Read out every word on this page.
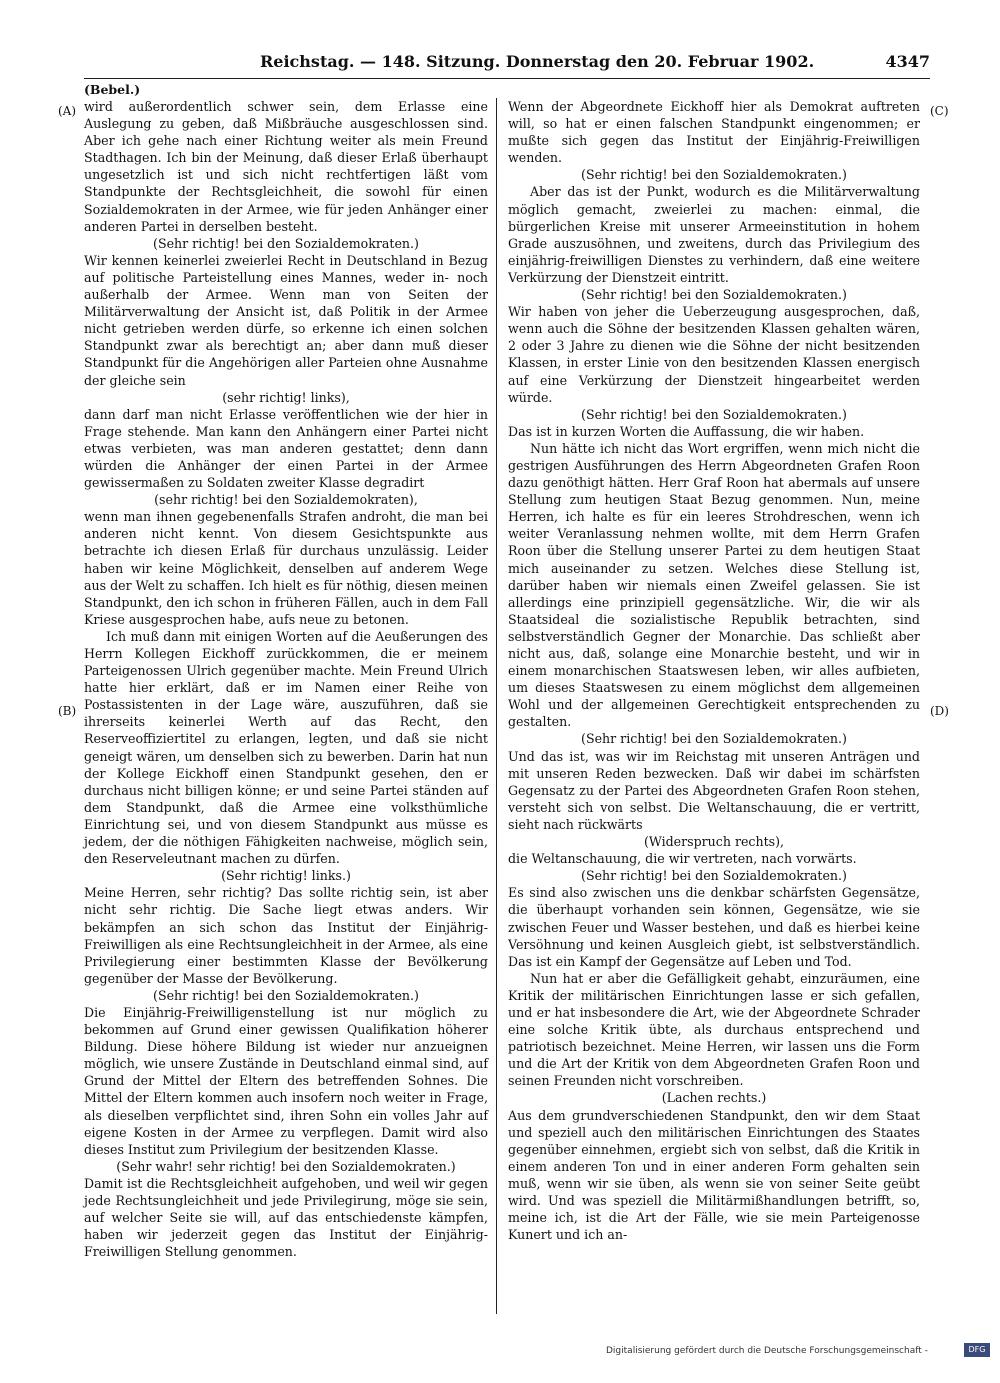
Reichstag. — 148. Sitzung. Donnerstag den 20. Februar 1902.	4347
(Bebel.)
(A)
(B)
(C)
(D)

wird außerordentlich schwer sein, dem Erlasse eine Auslegung zu geben, daß Mißbräuche ausgeschlossen sind. Aber ich gehe nach einer Richtung weiter als mein Freund Stadthagen. Ich bin der Meinung, daß dieser Erlaß überhaupt ungesetzlich ist und sich nicht rechtfertigen läßt vom Standpunkte der Rechtsgleichheit, die sowohl für einen Sozialdemokraten in der Armee, wie für jeden Anhänger einer anderen Partei in derselben besteht.

(Sehr richtig! bei den Sozialdemokraten.)

Wir kennen keinerlei zweierlei Recht in Deutschland in Bezug auf politische Parteistellung eines Mannes, weder in- noch außerhalb der Armee. Wenn man von Seiten der Militärverwaltung der Ansicht ist, daß Politik in der Armee nicht getrieben werden dürfe, so erkenne ich einen solchen Standpunkt zwar als berechtigt an; aber dann muß dieser Standpunkt für die Angehörigen aller Parteien ohne Ausnahme der gleiche sein

(sehr richtig! links),

dann darf man nicht Erlasse veröffentlichen wie der hier in Frage stehende. Man kann den Anhängern einer Partei nicht etwas verbieten, was man anderen gestattet; denn dann würden die Anhänger der einen Partei in der Armee gewissermaßen zu Soldaten zweiter Klasse degradirt

(sehr richtig! bei den Sozialdemokraten),

wenn man ihnen gegebenenfalls Strafen androht, die man bei anderen nicht kennt. Von diesem Gesichtspunkte aus betrachte ich diesen Erlaß für durchaus unzulässig. Leider haben wir keine Möglichkeit, denselben auf anderem Wege aus der Welt zu schaffen. Ich hielt es für nöthig, diesen meinen Standpunkt, den ich schon in früheren Fällen, auch in dem Fall Kriese ausgesprochen habe, aufs neue zu betonen.

Ich muß dann mit einigen Worten auf die Aeußerungen des Herrn Kollegen Eickhoff zurückkommen, die er meinem Parteigenossen Ulrich gegenüber machte. Mein Freund Ulrich hatte hier erklärt, daß er im Namen einer Reihe von Postassistenten in der Lage wäre, auszuführen, daß sie ihrerseits keinerlei Werth auf das Recht, den Reserveoffiziertitel zu erlangen, legten, und daß sie nicht geneigt wären, um denselben sich zu bewerben. Darin hat nun der Kollege Eickhoff einen Standpunkt gesehen, den er durchaus nicht billigen könne; er und seine Partei ständen auf dem Standpunkt, daß die Armee eine volksthümliche Einrichtung sei, und von diesem Standpunkt aus müsse es jedem, der die nöthigen Fähigkeiten nachweise, möglich sein, den Reserveleutnant machen zu dürfen.

(Sehr richtig! links.)

Meine Herren, sehr richtig? Das sollte richtig sein, ist aber nicht sehr richtig. Die Sache liegt etwas anders. Wir bekämpfen an sich schon das Institut der Einjährig-Freiwilligen als eine Rechtsungleichheit in der Armee, als eine Privilegierung einer bestimmten Klasse der Bevölkerung gegenüber der Masse der Bevölkerung.

(Sehr richtig! bei den Sozialdemokraten.)

Die Einjährig-Freiwilligenstellung ist nur möglich zu bekommen auf Grund einer gewissen Qualifikation höherer Bildung. Diese höhere Bildung ist wieder nur anzueignen möglich, wie unsere Zustände in Deutschland einmal sind, auf Grund der Mittel der Eltern des betreffenden Sohnes. Die Mittel der Eltern kommen auch insofern noch weiter in Frage, als dieselben verpflichtet sind, ihren Sohn ein volles Jahr auf eigene Kosten in der Armee zu verpflegen. Damit wird also dieses Institut zum Privilegium der besitzenden Klasse.

(Sehr wahr! sehr richtig! bei den Sozialdemokraten.)

Damit ist die Rechtsgleichheit aufgehoben, und weil wir gegen jede Rechtsungleichheit und jede Privilegirung, möge sie sein, auf welcher Seite sie will, auf das entschiedenste kämpfen, haben wir jederzeit gegen das Institut der Einjährig-Freiwilligen Stellung genommen.

Wenn der Abgeordnete Eickhoff hier als Demokrat auftreten will, so hat er einen falschen Standpunkt eingenommen; er mußte sich gegen das Institut der Einjährig-Freiwilligen wenden.

(Sehr richtig! bei den Sozialdemokraten.)

Aber das ist der Punkt, wodurch es die Militärverwaltung möglich gemacht, zweierlei zu machen: einmal, die bürgerlichen Kreise mit unserer Armeeinstitution in hohem Grade auszusöhnen, und zweitens, durch das Privilegium des einjährig-freiwilligen Dienstes zu verhindern, daß eine weitere Verkürzung der Dienstzeit eintritt.

(Sehr richtig! bei den Sozialdemokraten.)

Wir haben von jeher die Ueberzeugung ausgesprochen, daß, wenn auch die Söhne der besitzenden Klassen gehalten wären, 2 oder 3 Jahre zu dienen wie die Söhne der nicht besitzenden Klassen, in erster Linie von den besitzenden Klassen energisch auf eine Verkürzung der Dienstzeit hingearbeitet werden würde.

(Sehr richtig! bei den Sozialdemokraten.)

Das ist in kurzen Worten die Auffassung, die wir haben.

Nun hätte ich nicht das Wort ergriffen, wenn mich nicht die gestrigen Ausführungen des Herrn Abgeordneten Grafen Roon dazu genöthigt hätten. Herr Graf Roon hat abermals auf unsere Stellung zum heutigen Staat Bezug genommen. Nun, meine Herren, ich halte es für ein leeres Strohdreschen, wenn ich weiter Veranlassung nehmen wollte, mit dem Herrn Grafen Roon über die Stellung unserer Partei zu dem heutigen Staat mich auseinander zu setzen. Welches diese Stellung ist, darüber haben wir niemals einen Zweifel gelassen. Sie ist allerdings eine prinzipiell gegensätzliche. Wir, die wir als Staatsideal die sozialistische Republik betrachten, sind selbstverständlich Gegner der Monarchie. Das schließt aber nicht aus, daß, solange eine Monarchie besteht, und wir in einem monarchischen Staatswesen leben, wir alles aufbieten, um dieses Staatswesen zu einem möglichst dem allgemeinen Wohl und der allgemeinen Gerechtigkeit entsprechenden zu gestalten.

(Sehr richtig! bei den Sozialdemokraten.)

Und das ist, was wir im Reichstag mit unseren Anträgen und mit unseren Reden bezwecken. Daß wir dabei im schärfsten Gegensatz zu der Partei des Abgeordneten Grafen Roon stehen, versteht sich von selbst. Die Weltanschauung, die er vertritt, sieht nach rückwärts

(Widerspruch rechts),

die Weltanschauung, die wir vertreten, nach vorwärts.

(Sehr richtig! bei den Sozialdemokraten.)

Es sind also zwischen uns die denkbar schärfsten Gegensätze, die überhaupt vorhanden sein können, Gegensätze, wie sie zwischen Feuer und Wasser bestehen, und daß es hierbei keine Versöhnung und keinen Ausgleich giebt, ist selbstverständlich. Das ist ein Kampf der Gegensätze auf Leben und Tod.

Nun hat er aber die Gefälligkeit gehabt, einzuräumen, eine Kritik der militärischen Einrichtungen lasse er sich gefallen, und er hat insbesondere die Art, wie der Abgeordnete Schrader eine solche Kritik übte, als durchaus entsprechend und patriotisch bezeichnet. Meine Herren, wir lassen uns die Form und die Art der Kritik von dem Abgeordneten Grafen Roon und seinen Freunden nicht vorschreiben.

(Lachen rechts.)

Aus dem grundverschiedenen Standpunkt, den wir dem Staat und speziell auch den militärischen Einrichtungen des Staates gegenüber einnehmen, ergiebt sich von selbst, daß die Kritik in einem anderen Ton und in einer anderen Form gehalten sein muß, wenn wir sie üben, als wenn sie von seiner Seite geübt wird. Und was speziell die Militärmißhandlungen betrifft, so, meine ich, ist die Art der Fälle, wie sie mein Parteigenosse Kunert und ich an-

Digitalisierung gefördert durch die Deutsche Forschungsgemeinschaft -	DFG
